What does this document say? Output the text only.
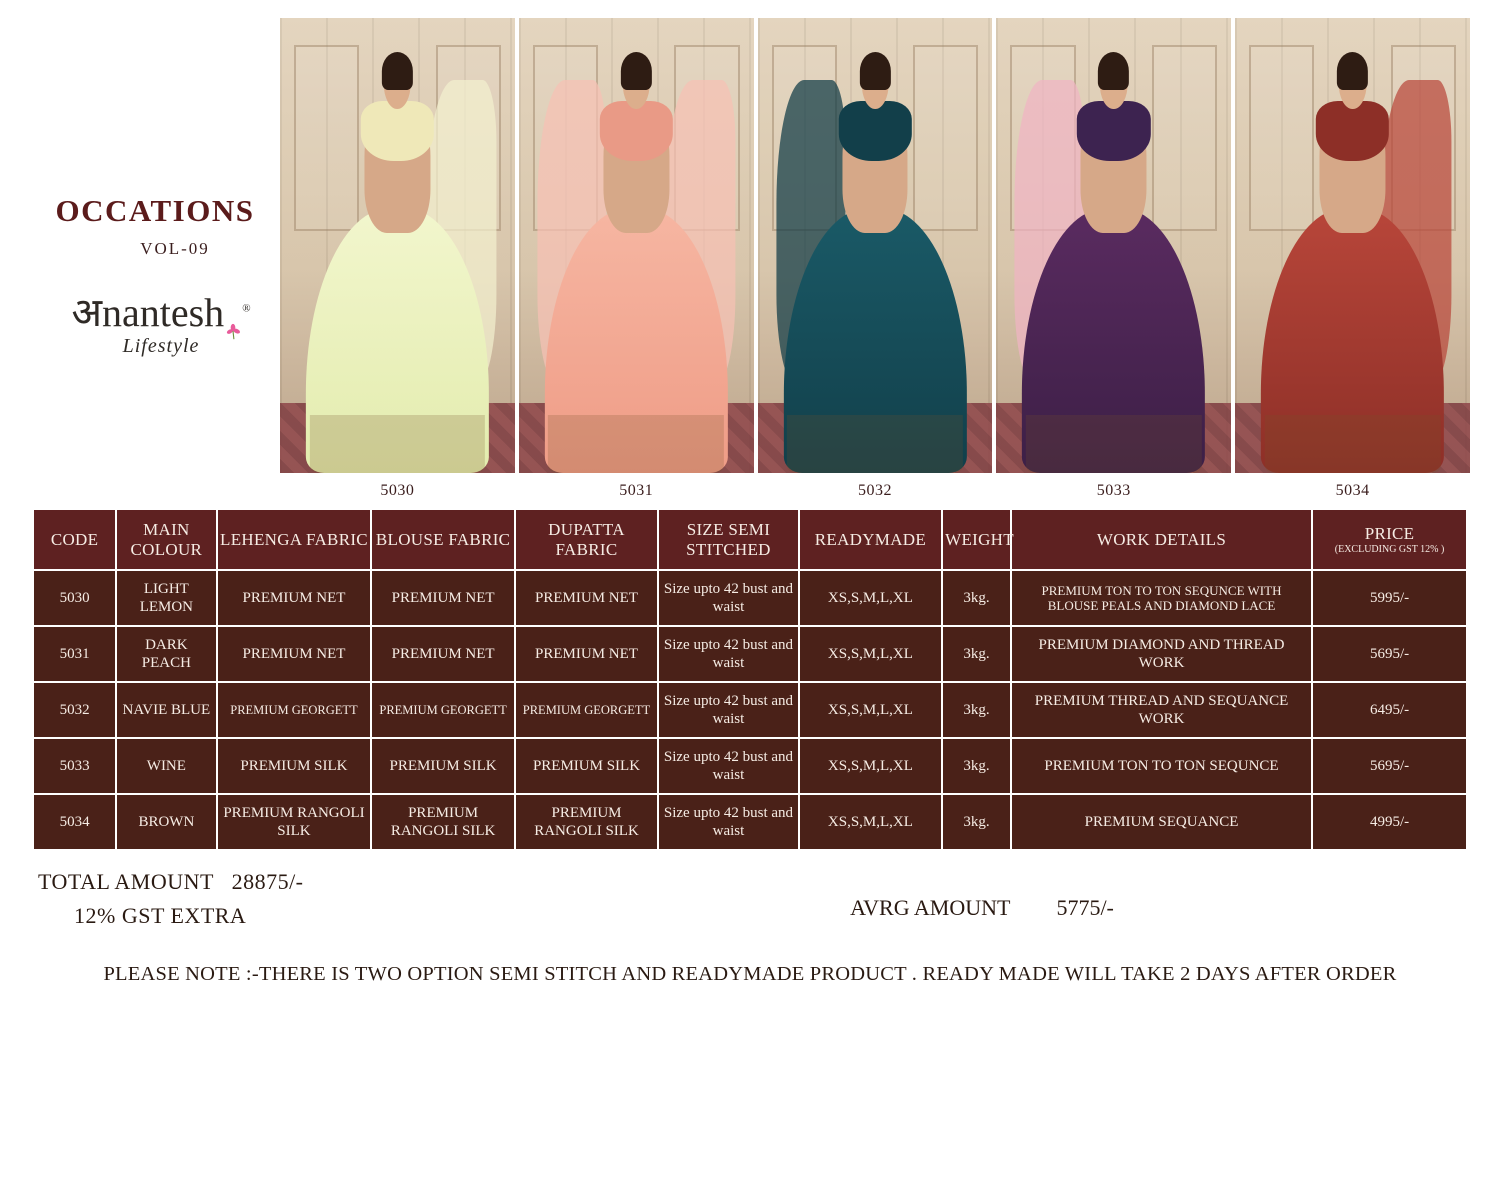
OCCATIONS
VOL-09
अnantesh ®
Lifestyle
5030	5031	5032	5033	5034
CODE	MAIN COLOUR	LEHENGA FABRIC	BLOUSE FABRIC	DUPATTA FABRIC	SIZE SEMI STITCHED	READYMADE	WEIGHT	WORK DETAILS	PRICE
(EXCLUDING GST 12% )

5030	LIGHT LEMON	PREMIUM NET	PREMIUM NET	PREMIUM NET	Size upto 42 bust and waist	XS,S,M,L,XL	3kg.	PREMIUM TON TO TON SEQUNCE WITH BLOUSE PEALS AND DIAMOND LACE	5995/-
5031	DARK PEACH	PREMIUM NET	PREMIUM NET	PREMIUM NET	Size upto 42 bust and waist	XS,S,M,L,XL	3kg.	PREMIUM DIAMOND AND THREAD WORK	5695/-
5032	NAVIE BLUE	PREMIUM GEORGETT	PREMIUM GEORGETT	PREMIUM GEORGETT	Size upto 42 bust and waist	XS,S,M,L,XL	3kg.	PREMIUM THREAD AND SEQUANCE WORK	6495/-
5033	WINE	PREMIUM SILK	PREMIUM SILK	PREMIUM SILK	Size upto 42 bust and waist	XS,S,M,L,XL	3kg.	PREMIUM TON TO TON SEQUNCE	5695/-
5034	BROWN	PREMIUM RANGOLI SILK	PREMIUM RANGOLI SILK	PREMIUM RANGOLI SILK	Size upto 42 bust and waist	XS,S,M,L,XL	3kg.	PREMIUM SEQUANCE	4995/-
TOTAL AMOUNT 28875/-
12% GST EXTRA	AVRG AMOUNT 5775/-
PLEASE NOTE :-THERE IS TWO OPTION SEMI STITCH AND READYMADE PRODUCT . READY MADE WILL TAKE 2 DAYS AFTER ORDER
